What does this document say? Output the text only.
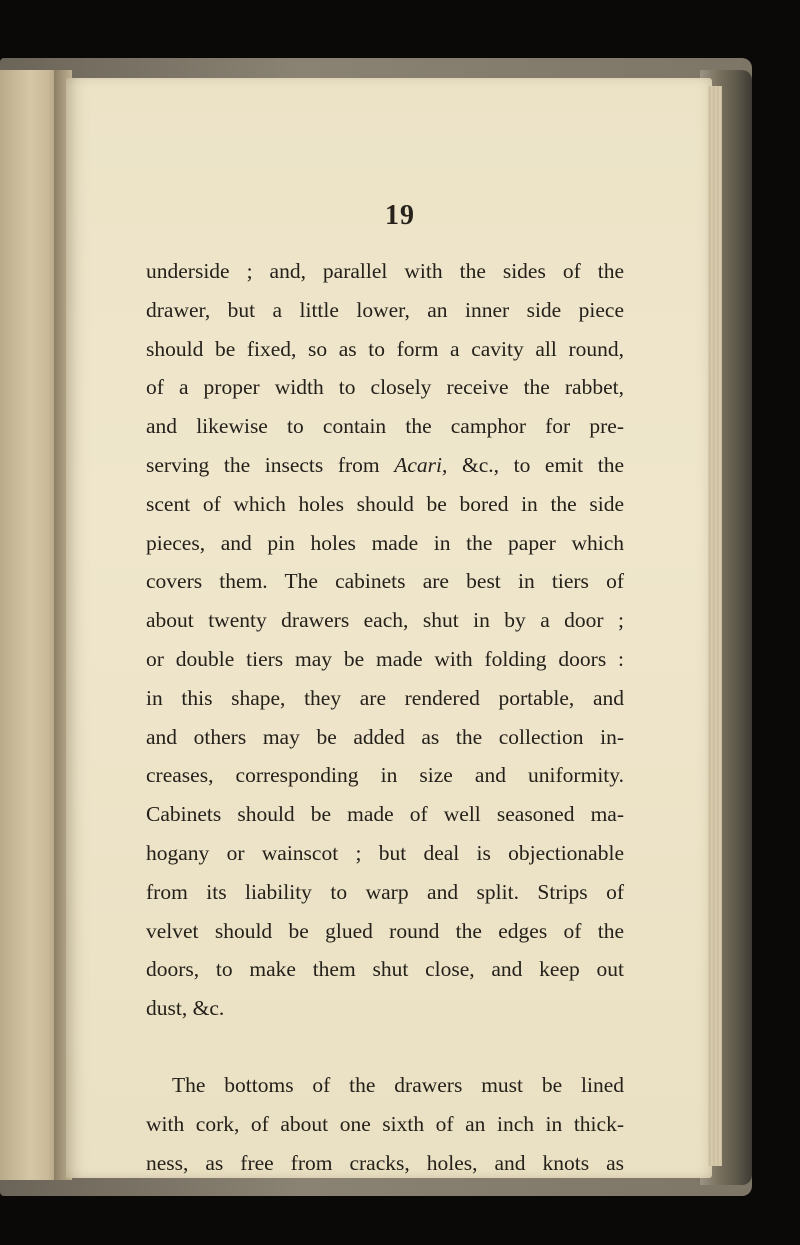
19
underside ; and, parallel with the sides of the
drawer, but a little lower, an inner side piece
should be fixed, so as to form a cavity all round,
of a proper width to closely receive the rabbet,
and likewise to contain the camphor for pre-
serving the insects from Acari, &c., to emit the
scent of which holes should be bored in the side
pieces, and pin holes made in the paper which
covers them. The cabinets are best in tiers of
about twenty drawers each, shut in by a door ;
or double tiers may be made with folding doors :
in this shape, they are rendered portable, and
and others may be added as the collection in-
creases, corresponding in size and uniformity.
Cabinets should be made of well seasoned ma-
hogany or wainscot ; but deal is objectionable
from its liability to warp and split. Strips of
velvet should be glued round the edges of the
doors, to make them shut close, and keep out
dust, &c.
The bottoms of the drawers must be lined
with cork, of about one sixth of an inch in thick-
ness, as free from cracks, holes, and knots as
